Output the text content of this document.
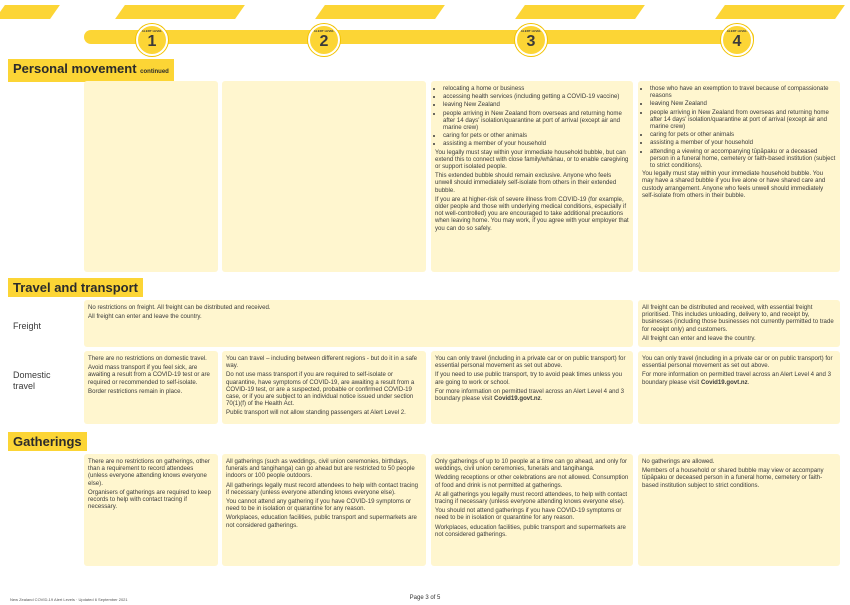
ALERT LEVEL
1
ALERT LEVEL
2
ALERT LEVEL
3
ALERT LEVEL
4
Personal movement continued
• relocating a home or business
• accessing health services (including getting a COVID-19 vaccine)
• leaving New Zealand
• people arriving in New Zealand from overseas and returning home after 14 days' isolation/quarantine at port of arrival (except air and marine crew)
• caring for pets or other animals
• assisting a member of your household

You legally must stay within your immediate household bubble, but can extend this to connect with close family/whānau, or to enable caregiving or support isolated people.

This extended bubble should remain exclusive. Anyone who feels unwell should immediately self-isolate from others in their extended bubble.

If you are at higher-risk of severe illness from COVID-19 (for example, older people and those with underlying medical conditions, especially if not well-controlled) you are encouraged to take additional precautions when leaving home. You may work, if you agree with your employer that you can do so safely.

• those who have an exemption to travel because of compassionate reasons
• leaving New Zealand
• people arriving in New Zealand from overseas and returning home after 14 days' isolation/quarantine at port of arrival (except air and marine crew)
• caring for pets or other animals
• assisting a member of your household
• attending a viewing or accompanying tūpāpaku or a deceased person in a funeral home, cemetery or faith-based institution (subject to strict conditions).

You legally must stay within your immediate household bubble. You may have a shared bubble if you live alone or have shared care and custody arrangement. Anyone who feels unwell should immediately self-isolate from others in their bubble.

Travel and transport
Freight

No restrictions on freight. All freight can be distributed and received.

All freight can enter and leave the country.

All freight can be distributed and received, with essential freight prioritised. This includes unloading, delivery to, and receipt by, businesses (including those businesses not currently permitted to trade for receipt only) and customers.

All freight can enter and leave the country.

Domestic
travel

There are no restrictions on domestic travel.

Avoid mass transport if you feel sick, are awaiting a result from a COVID-19 test or are required or recommended to self-isolate.

Border restrictions remain in place.

You can travel – including between different regions - but do it in a safe way.

Do not use mass transport if you are required to self-isolate or quarantine, have symptoms of COVID-19, are awaiting a result from a COVID-19 test, or are a suspected, probable or confirmed COVID-19 case, or if you are subject to an individual notice issued under section 70(1)(f) of the Health Act.

Public transport will not allow standing passengers at Alert Level 2.

You can only travel (including in a private car or on public transport) for essential personal movement as set out above.

If you need to use public transport, try to avoid peak times unless you are going to work or school.

For more information on permitted travel across an Alert Level 4 and 3 boundary please visit Covid19.govt.nz.

You can only travel (including in a private car or on public transport) for essential personal movement as set out above.

For more information on permitted travel across an Alert Level 4 and 3 boundary please visit Covid19.govt.nz.

Gatherings

There are no restrictions on gatherings, other than a requirement to record attendees (unless everyone attending knows everyone else).

Organisers of gatherings are required to keep records to help with contact tracing if necessary.

All gatherings (such as weddings, civil union ceremonies, birthdays, funerals and tangihanga) can go ahead but are restricted to 50 people indoors or 100 people outdoors.

All gatherings legally must record attendees to help with contact tracing if necessary (unless everyone attending knows everyone else).

You cannot attend any gathering if you have COVID-19 symptoms or need to be in isolation or quarantine for any reason.

Workplaces, education facilities, public transport and supermarkets are not considered gatherings.

Only gatherings of up to 10 people at a time can go ahead, and only for weddings, civil union ceremonies, funerals and tangihanga.

Wedding receptions or other celebrations are not allowed. Consumption of food and drink is not permitted at gatherings.

At all gatherings you legally must record attendees, to help with contact tracing if necessary (unless everyone attending knows everyone else).

You should not attend gatherings if you have COVID-19 symptoms or need to be in isolation or quarantine for any reason.

Workplaces, education facilities, public transport and supermarkets are not considered gatherings.

No gatherings are allowed.

Members of a household or shared bubble may view or accompany tūpāpaku or deceased person in a funeral home, cemetery or faith-based institution subject to strict conditions.

New Zealand COVID-19 Alert Levels · Updated 6 September 2021	Page 3 of 5
